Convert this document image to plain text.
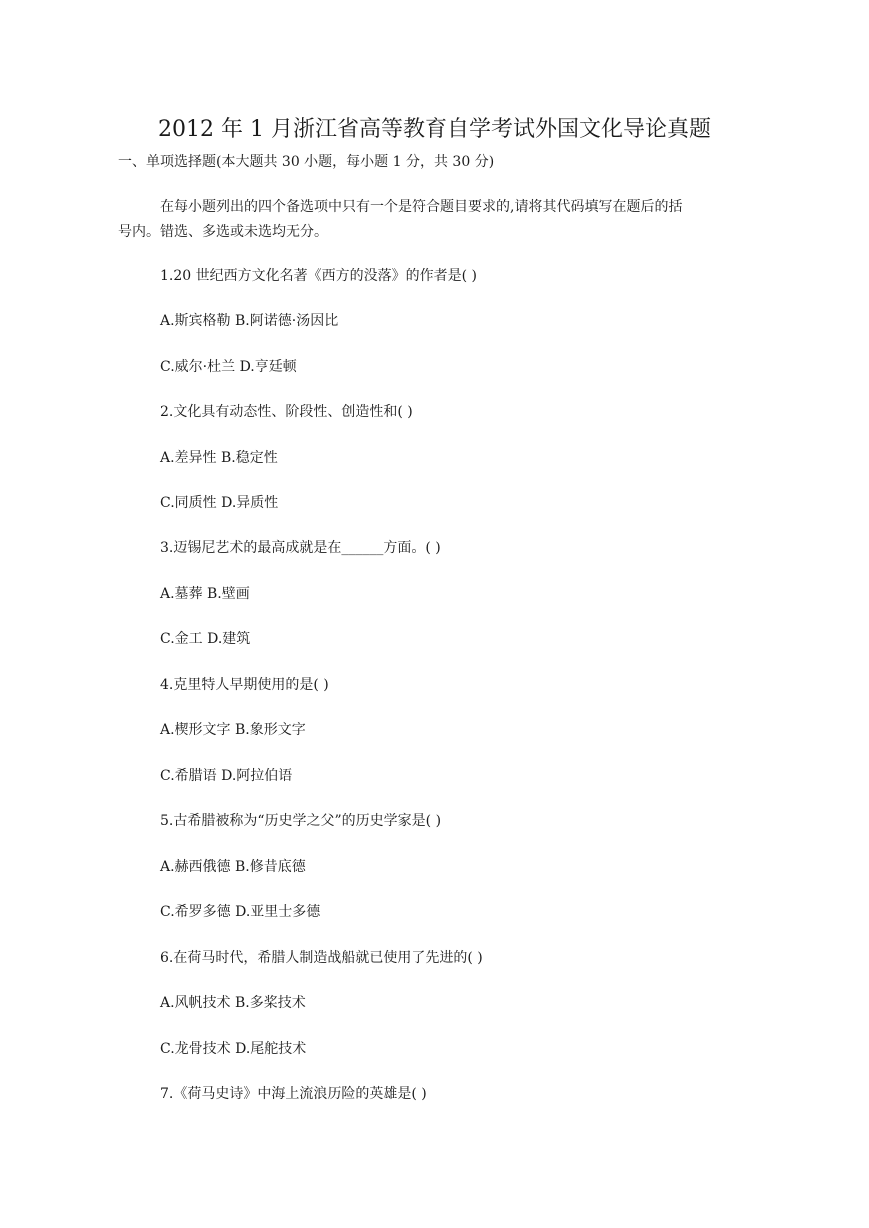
2012 年 1 月浙江省高等教育自学考试外国文化导论真题
一、单项选择题(本大题共 30 小题，每小题 1 分，共 30 分)
在每小题列出的四个备选项中只有一个是符合题目要求的,请将其代码填写在题后的括
号内。错选、多选或未选均无分。
1.20 世纪西方文化名著《西方的没落》的作者是( )
A.斯宾格勒 B.阿诺德·汤因比
C.威尔·杜兰 D.亨廷顿
2.文化具有动态性、阶段性、创造性和( )
A.差异性 B.稳定性
C.同质性 D.异质性
3.迈锡尼艺术的最高成就是在______方面。( )
A.墓葬 B.壁画
C.金工 D.建筑
4.克里特人早期使用的是( )
A.楔形文字 B.象形文字
C.希腊语 D.阿拉伯语
5.古希腊被称为“历史学之父”的历史学家是( )
A.赫西俄德 B.修昔底德
C.希罗多德 D.亚里士多德
6.在荷马时代，希腊人制造战船就已使用了先进的( )
A.风帆技术 B.多桨技术
C.龙骨技术 D.尾舵技术
7.《荷马史诗》中海上流浪历险的英雄是( )
